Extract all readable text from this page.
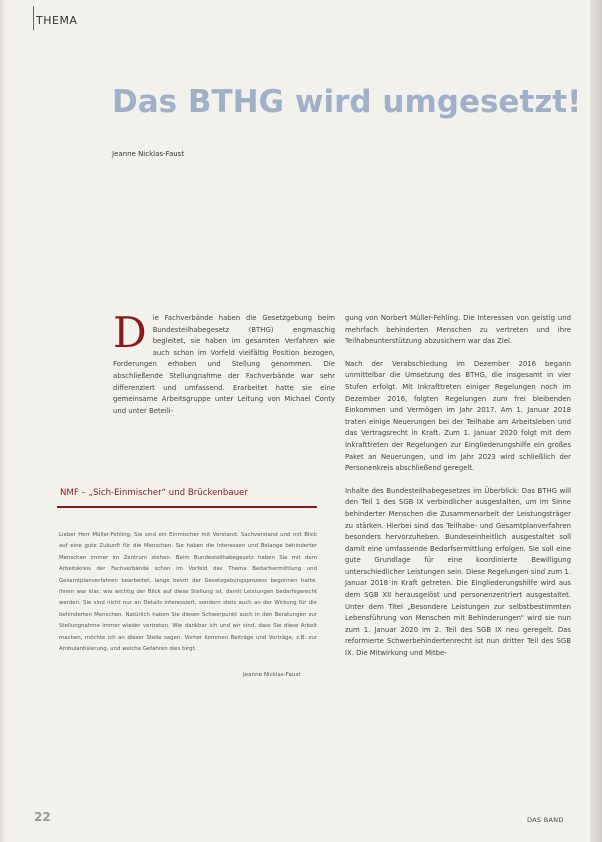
THEMA
Das BTHG wird umgesetzt!
Jeanne Nicklas-Faust

Die Fachverbände haben die Gesetzgebung beim Bundesteilhabegesetz (BTHG) engmaschig begleitet, sie haben im gesamten Verfahren wie auch schon im Vorfeld vielfältig Position bezogen, Forderungen erhoben und Stellung genommen. Die abschließende Stellungnahme der Fachverbände war sehr differenziert und umfassend. Erarbeitet hatte sie eine gemeinsame Arbeitsgruppe unter Leitung von Michael Conty und unter Beteili-

gung von Norbert Müller-Fehling. Die Interessen von geistig und mehrfach behinderten Menschen zu vertreten und ihre Teilhabeunterstützung abzusichern war das Ziel.

Nach der Verabschiedung im Dezember 2016 begann unmittelbar die Umsetzung des BTHG, die insgesamt in vier Stufen erfolgt. Mit Inkrafttreten einiger Regelungen noch im Dezember 2016, folgten Regelungen zum frei bleibenden Einkommen und Vermögen im Jahr 2017. Am 1. Januar 2018 traten einige Neuerungen bei der Teilhabe am Arbeitsleben und das Vertragsrecht in Kraft. Zum 1. Januar 2020 folgt mit dem Inkrafttreten der Regelungen zur Eingliederungshilfe ein großes Paket an Neuerungen, und im Jahr 2023 wird schließlich der Personenkreis abschließend geregelt.

Inhalte des Bundesteilhabegesetzes im Überblick: Das BTHG will den Teil 1 des SGB IX verbindlicher ausgestalten, um im Sinne behinderter Menschen die Zusammenarbeit der Leistungsträger zu stärken. Hierbei sind das Teilhabe- und Gesamtplanverfahren besonders hervorzuheben. Bundeseinheitlich ausgestaltet soll damit eine umfassende Bedarfsermittlung erfolgen. Sie soll eine gute Grundlage für eine koordinierte Bewilligung unterschiedlicher Leistungen sein. Diese Regelungen sind zum 1. Januar 2018 in Kraft getreten. Die Eingliederungshilfe wird aus dem SGB XII herausgelöst und personenzentriert ausgestaltet. Unter dem Titel „Besondere Leistungen zur selbstbestimmten Lebensführung von Menschen mit Behinderungen“ wird sie nun zum 1. Januar 2020 im 2. Teil des SGB IX neu geregelt. Das reformierte Schwerbehindertenrecht ist nun dritter Teil des SGB IX. Die Mitwirkung und Mitbe-

NMF – „Sich-Einmischer“ und Brückenbauer
Lieber Herr Müller-Fehling, Sie sind ein Einmischer mit Verstand, Sachverstand und mit Blick auf eine gute Zukunft für die Menschen. Sie haben die Interessen und Belange behinderter Menschen immer im Zentrum stehen. Beim Bundesteilhabegesetz haben Sie mit dem Arbeitskreis der Fachverbände schon im Vorfeld das Thema Bedarfsermittlung und Gesamtplanverfahren bearbeitet, lange bevor der Gesetzgebungsprozess begonnen hatte. Ihnen war klar, wie wichtig der Blick auf diese Stellung ist, damit Leistungen bedarfsgerecht werden. Sie sind nicht nur an Details interessiert, sondern stets auch an der Wirkung für die behinderten Menschen. Natürlich haben Sie diesen Schwerpunkt auch in den Beratungen zur Stellungnahme immer wieder vertreten. Wie dankbar ich und wir sind, dass Sie diese Arbeit machen, möchte ich an dieser Stelle sagen. Vorher kommen Beiträge und Vorträge, z.B. zur Ambulantisierung, und welche Gefahren dies birgt.
Jeanne Nicklas-Faust
22	DAS BAND
